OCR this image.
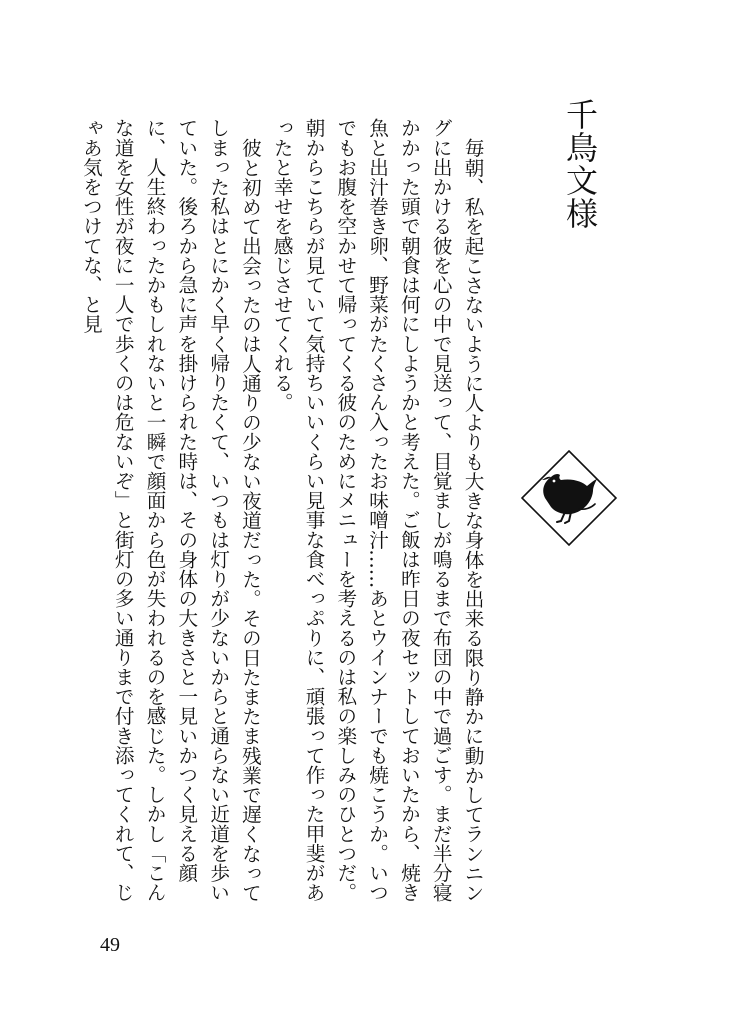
千鳥文様

毎朝、私を起こさないように人よりも大きな身体を出来る限り静かに動かしてランニングに出かける彼を心の中で見送って、目覚ましが鳴るまで布団の中で過ごす。まだ半分寝かかった頭で朝食は何にしようかと考えた。ご飯は昨日の夜セットしておいたから、焼き魚と出汁巻き卵、野菜がたくさん入ったお味噌汁……あとウインナーでも焼こうか。いつでもお腹を空かせて帰ってくる彼のためにメニューを考えるのは私の楽しみのひとつだ。朝からこちらが見ていて気持ちいいくらい見事な食べっぷりに、頑張って作った甲斐があったと幸せを感じさせてくれる。

彼と初めて出会ったのは人通りの少ない夜道だった。その日たまたま残業で遅くなってしまった私はとにかく早く帰りたくて、いつもは灯りが少ないからと通らない近道を歩いていた。後ろから急に声を掛けられた時は、その身体の大きさと一見いかつく見える顔に、人生終わったかもしれないと一瞬で顔面から色が失われるのを感じた。しかし「こんな道を女性が夜に一人で歩くのは危ないぞ」と街灯の多い通りまで付き添ってくれて、じゃあ気をつけてな、と見

49
